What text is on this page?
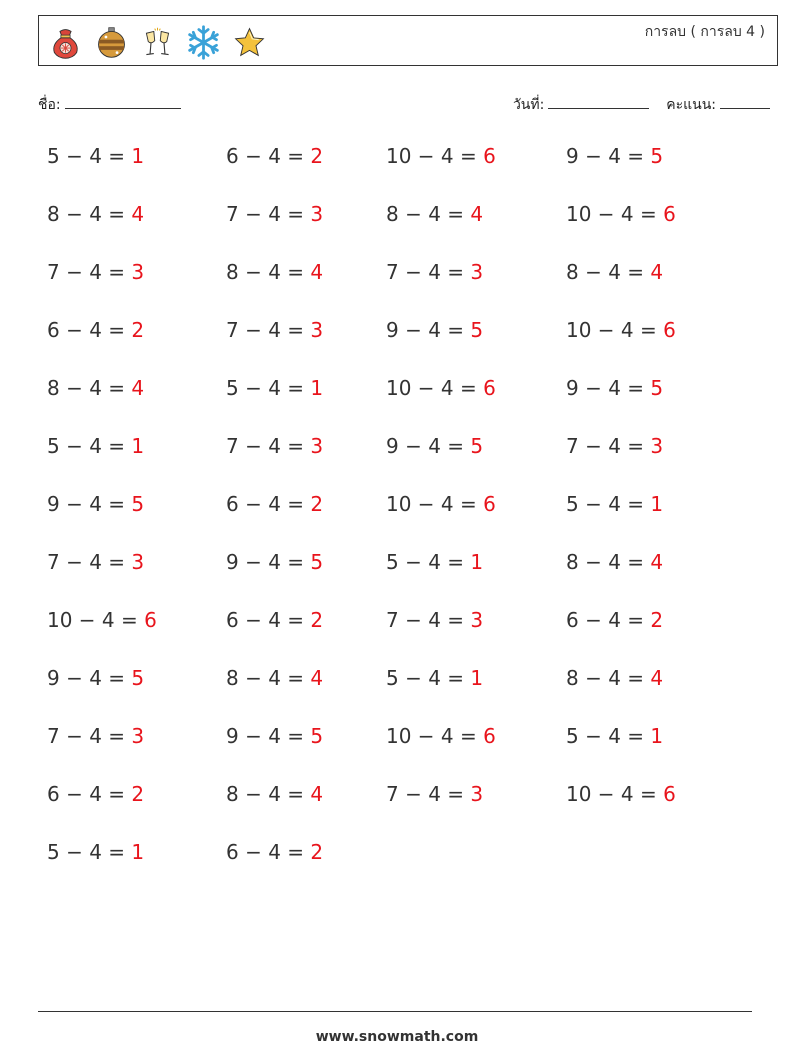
การลบ ( การลบ 4 )
ชื่อ:	วันที่:	คะแนน:
5 − 4 = 1	6 − 4 = 2	10 − 4 = 6	9 − 4 = 5
8 − 4 = 4	7 − 4 = 3	8 − 4 = 4	10 − 4 = 6
7 − 4 = 3	8 − 4 = 4	7 − 4 = 3	8 − 4 = 4
6 − 4 = 2	7 − 4 = 3	9 − 4 = 5	10 − 4 = 6
8 − 4 = 4	5 − 4 = 1	10 − 4 = 6	9 − 4 = 5
5 − 4 = 1	7 − 4 = 3	9 − 4 = 5	7 − 4 = 3
9 − 4 = 5	6 − 4 = 2	10 − 4 = 6	5 − 4 = 1
7 − 4 = 3	9 − 4 = 5	5 − 4 = 1	8 − 4 = 4
10 − 4 = 6	6 − 4 = 2	7 − 4 = 3	6 − 4 = 2
9 − 4 = 5	8 − 4 = 4	5 − 4 = 1	8 − 4 = 4
7 − 4 = 3	9 − 4 = 5	10 − 4 = 6	5 − 4 = 1
6 − 4 = 2	8 − 4 = 4	7 − 4 = 3	10 − 4 = 6
5 − 4 = 1	6 − 4 = 2
www.snowmath.com
